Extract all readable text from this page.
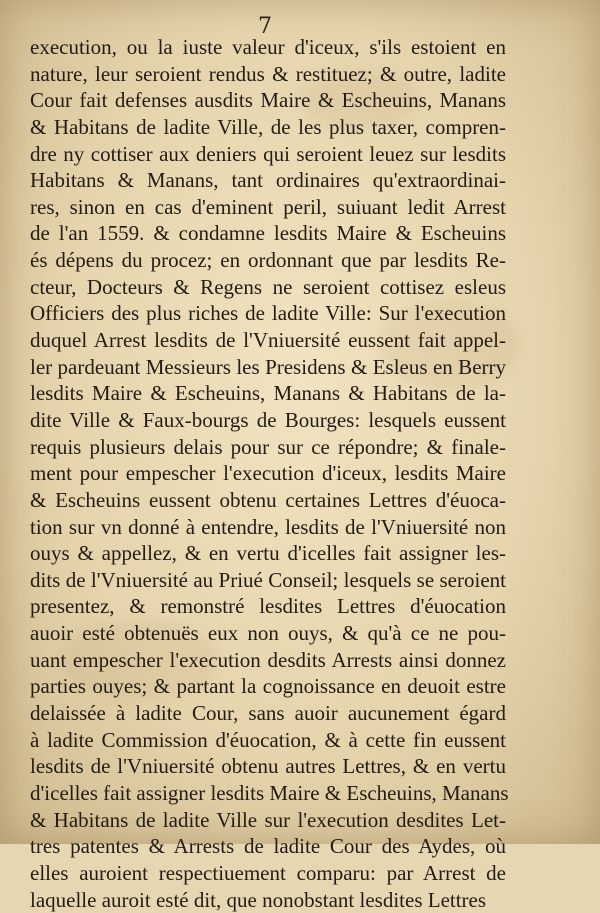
7
execution, ou la iuste valeur d'iceux, s'ils estoient en
nature, leur seroient rendus & restituez; & outre, ladite
Cour fait defenses ausdits Maire & Escheuins, Manans
& Habitans de ladite Ville, de les plus taxer, compren-
dre ny cottiser aux deniers qui seroient leuez sur lesdits
Habitans & Manans, tant ordinaires qu'extraordinai-
res, sinon en cas d'eminent peril, suiuant ledit Arrest
de l'an 1559. & condamne lesdits Maire & Escheuins
és dépens du procez; en ordonnant que par lesdits Re-
cteur, Docteurs & Regens ne seroient cottisez esleus
Officiers des plus riches de ladite Ville: Sur l'execution
duquel Arrest lesdits de l'Vniuersité eussent fait appel-
ler pardeuant Messieurs les Presidens & Esleus en Berry
lesdits Maire & Escheuins, Manans & Habitans de la-
dite Ville & Faux-bourgs de Bourges: lesquels eussent
requis plusieurs delais pour sur ce répondre; & finale-
ment pour empescher l'execution d'iceux, lesdits Maire
& Escheuins eussent obtenu certaines Lettres d'éuoca-
tion sur vn donné à entendre, lesdits de l'Vniuersité non
ouys & appellez, & en vertu d'icelles fait assigner les-
dits de l'Vniuersité au Priué Conseil; lesquels se seroient
presentez, & remonstré lesdites Lettres d'éuocation
auoir esté obtenuës eux non ouys, & qu'à ce ne pou-
uant empescher l'execution desdits Arrests ainsi donnez
parties ouyes; & partant la cognoissance en deuoit estre
delaissée à ladite Cour, sans auoir aucunement égard
à ladite Commission d'éuocation, & à cette fin eussent
lesdits de l'Vniuersité obtenu autres Lettres, & en vertu
d'icelles fait assigner lesdits Maire & Escheuins, Manans
& Habitans de ladite Ville sur l'execution desdites Let-
tres patentes & Arrests de ladite Cour des Aydes, où
elles auroient respectiuement comparu: par Arrest de
laquelle auroit esté dit, que nonobstant lesdites Lettres
